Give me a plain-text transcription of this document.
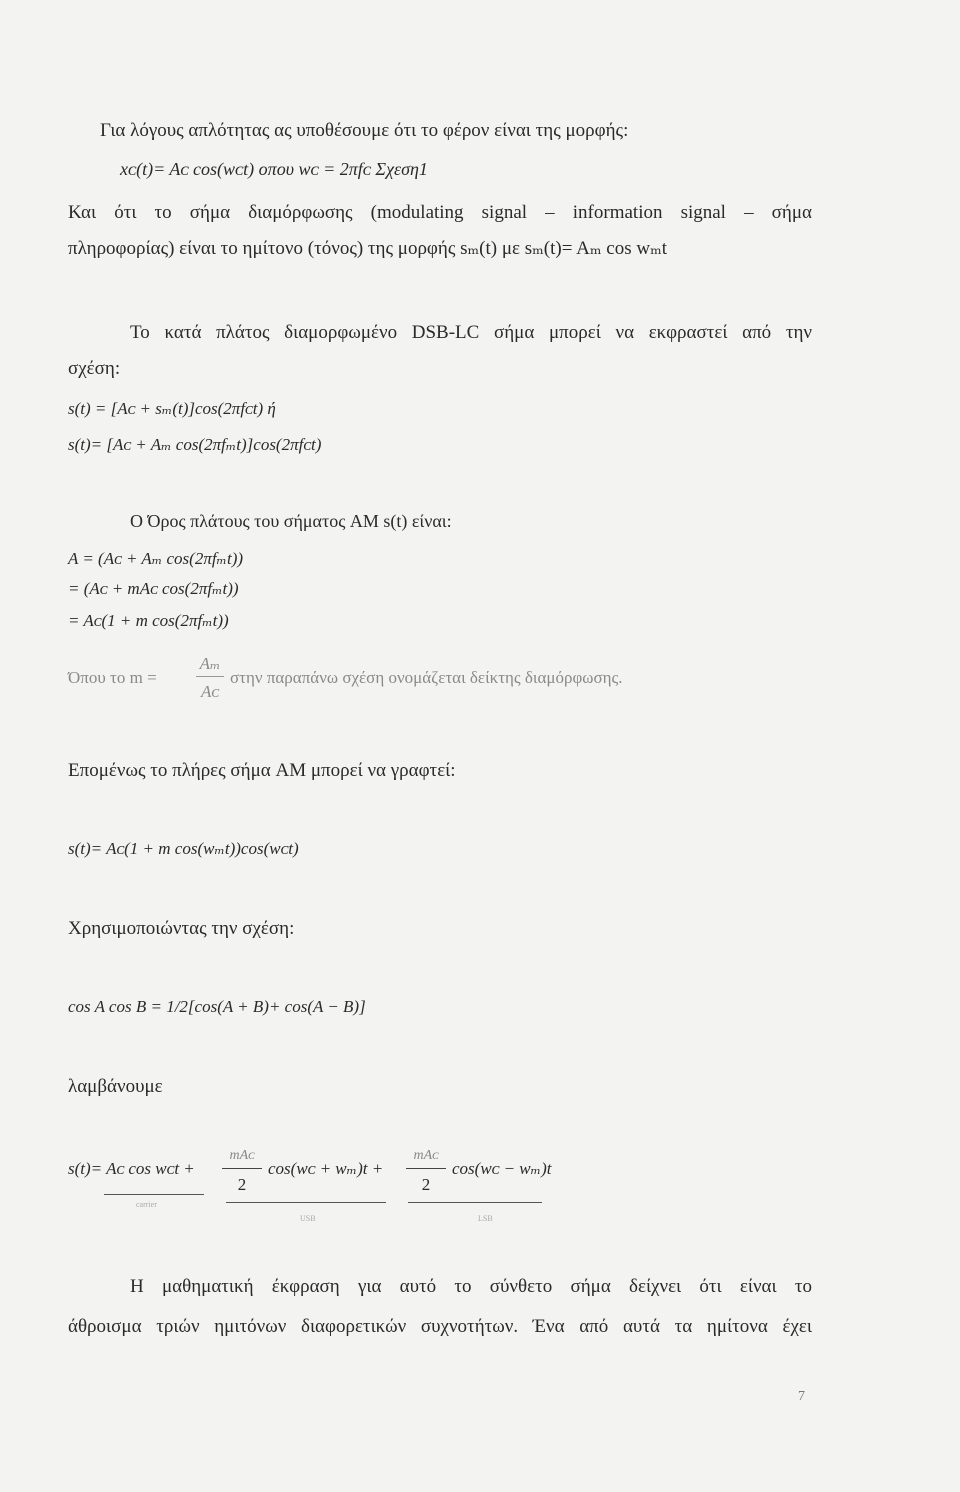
Για λόγους απλότητας ας υποθέσουμε ότι το φέρον είναι της μορφής:
xᴄ(t)= Aᴄ cos(wᴄt) οπου wᴄ = 2πfᴄ Σχεση1
Και ότι το σήμα διαμόρφωσης (modulating signal – information signal – σήμα
πληροφορίας) είναι το ημίτονο (τόνος) της μορφής sₘ(t) με sₘ(t)= Aₘ cos wₘt
Το κατά πλάτος διαμορφωμένο DSB-LC σήμα μπορεί να εκφραστεί από την
σχέση:
s(t) = [Aᴄ + sₘ(t)]cos(2πfᴄt) ή
s(t)= [Aᴄ + Aₘ cos(2πfₘt)]cos(2πfᴄt)
Ο Όρος πλάτους του σήματος AM s(t) είναι:
A = (Aᴄ + Aₘ cos(2πfₘt))
= (Aᴄ + mAᴄ cos(2πfₘt))
= Aᴄ(1 + m cos(2πfₘt))
Όπου το m =
Aₘ
Aᴄ
στην παραπάνω σχέση ονομάζεται δείκτης διαμόρφωσης.
Επομένως το πλήρες σήμα AM μπορεί να γραφτεί:
s(t)= Aᴄ(1 + m cos(wₘt))cos(wᴄt)
Χρησιμοποιώντας την σχέση:
cos A cos B = 1/2[cos(A + B)+ cos(A − B)]
λαμβάνουμε
s(t)= Aᴄ cos wᴄt +
mAᴄ
2
cos(wᴄ + wₘ)t +
mAᴄ
2
cos(wᴄ − wₘ)t
carrier
USB	LSB
Η μαθηματική έκφραση για αυτό το σύνθετο σήμα δείχνει ότι είναι το
άθροισμα τριών ημιτόνων διαφορετικών συχνοτήτων. Ένα από αυτά τα ημίτονα έχει
7
